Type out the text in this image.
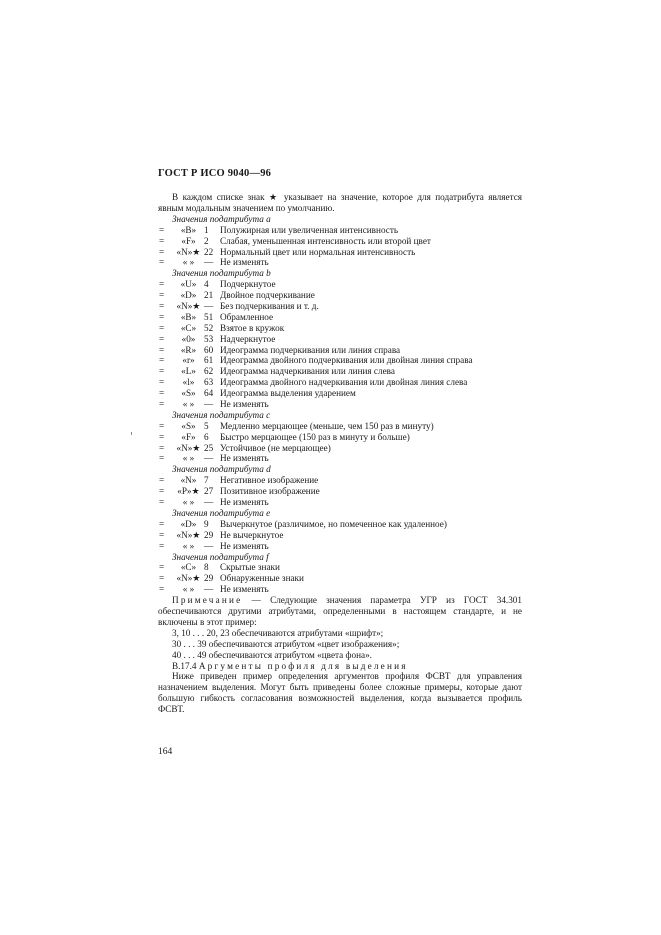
ГОСТ Р ИСО 9040—96

В каждом списке знак ★ указывает на значение, которое для податрибута является явным модальным значением по умолчанию.

Значения податрибута a
=	«B» 1	Полужирная или увеличенная интенсивность
=	«F» 2	Слабая, уменьшенная интенсивность или второй цвет
=	«N»★ 22 Нормальный цвет или нормальная интенсивность
=	« »	— Не изменять
Значения податрибута b
=	«U» 4	Подчеркнутое
=	«D» 21 Двойное подчеркивание
=	«N»★ — Без подчеркивания и т. д.
=	«B» 51 Обрамленное
=	«C» 52 Взятое в кружок
=	«0» 53 Надчеркнутое
=	«R» 60 Идеограмма подчеркивания или линия справа
=	«r»	61 Идеограмма двойного подчеркивания или двойная линия справа
=	«L» 62 Идеограмма надчеркивания или линия слева
=	«l»	63 Идеограмма двойного надчеркивания или двойная линия слева
=	«S» 64 Идеограмма выделения ударением
=	« »	— Не изменять
Значения податрибута c
=	«S» 5	Медленно мерцающее (меньше, чем 150 раз в минуту)
=	«F» 6	Быстро мерцающее (150 раз в минуту и больше)
=	«N»★ 25 Устойчивое (не мерцающее)
=	« »	— Не изменять
Значения податрибута d
=	«N» 7	Негативное изображение
=	«P»★ 27 Позитивное изображение
=	« »	— Не изменять
Значения податрибута e
=	«D» 9	Вычеркнутое (различимое, но помеченное как удаленное)
=	«N»★ 29 Не вычеркнутое
=	« »	— Не изменять
Значения податрибута f
=	«C» 8	Скрытые знаки
=	«N»★ 29 Обнаруженные знаки
=	« »	— Не изменять

Примечание — Следующие значения параметра УГР из ГОСТ 34.301 обеспечиваются другими атрибутами, определенными в настоящем стандарте, и не включены в этот пример:

3, 10 . . . 20, 23 обеспечиваются атрибутами «шрифт»;

30 . . . 39 обеспечиваются атрибутом «цвет изображения»;

40 . . . 49 обеспечиваются атрибутом «цвета фона».

В.17.4 Аргументы профиля для выделения

Ниже приведен пример определения аргументов профиля ФСВТ для управления назначением выделения. Могут быть приведены более сложные примеры, которые дают большую гибкость согласования возможностей выделения, когда вызывается профиль ФСВТ.

164
